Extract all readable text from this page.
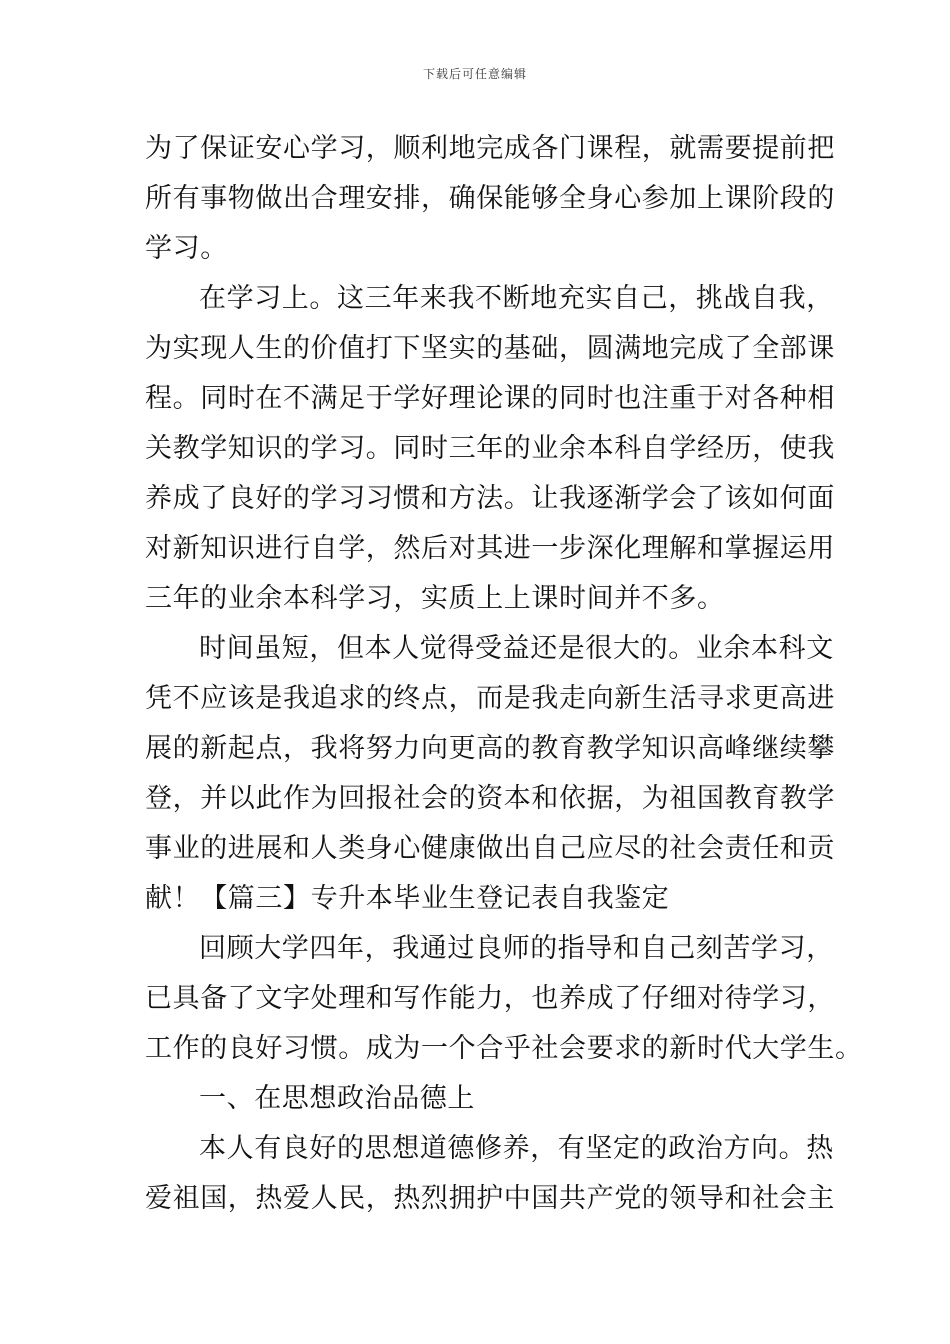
下载后可任意编辑
为了保证安心学习，顺利地完成各门课程，就需要提前把
所有事物做出合理安排，确保能够全身心参加上课阶段的
学习。
在学习上。这三年来我不断地充实自己，挑战自我，
为实现人生的价值打下坚实的基础，圆满地完成了全部课
程。同时在不满足于学好理论课的同时也注重于对各种相
关教学知识的学习。同时三年的业余本科自学经历，使我
养成了良好的学习习惯和方法。让我逐渐学会了该如何面
对新知识进行自学，然后对其进一步深化理解和掌握运用
三年的业余本科学习，实质上上课时间并不多。
时间虽短，但本人觉得受益还是很大的。业余本科文
凭不应该是我追求的终点，而是我走向新生活寻求更高进
展的新起点，我将努力向更高的教育教学知识高峰继续攀
登，并以此作为回报社会的资本和依据，为祖国教育教学
事业的进展和人类身心健康做出自己应尽的社会责任和贡
献！【篇三】专升本毕业生登记表自我鉴定
回顾大学四年，我通过良师的指导和自己刻苦学习，
已具备了文字处理和写作能力，也养成了仔细对待学习，
工作的良好习惯。成为一个合乎社会要求的新时代大学生。
一、在思想政治品德上
本人有良好的思想道德修养，有坚定的政治方向。热
爱祖国，热爱人民，热烈拥护中国共产党的领导和社会主
